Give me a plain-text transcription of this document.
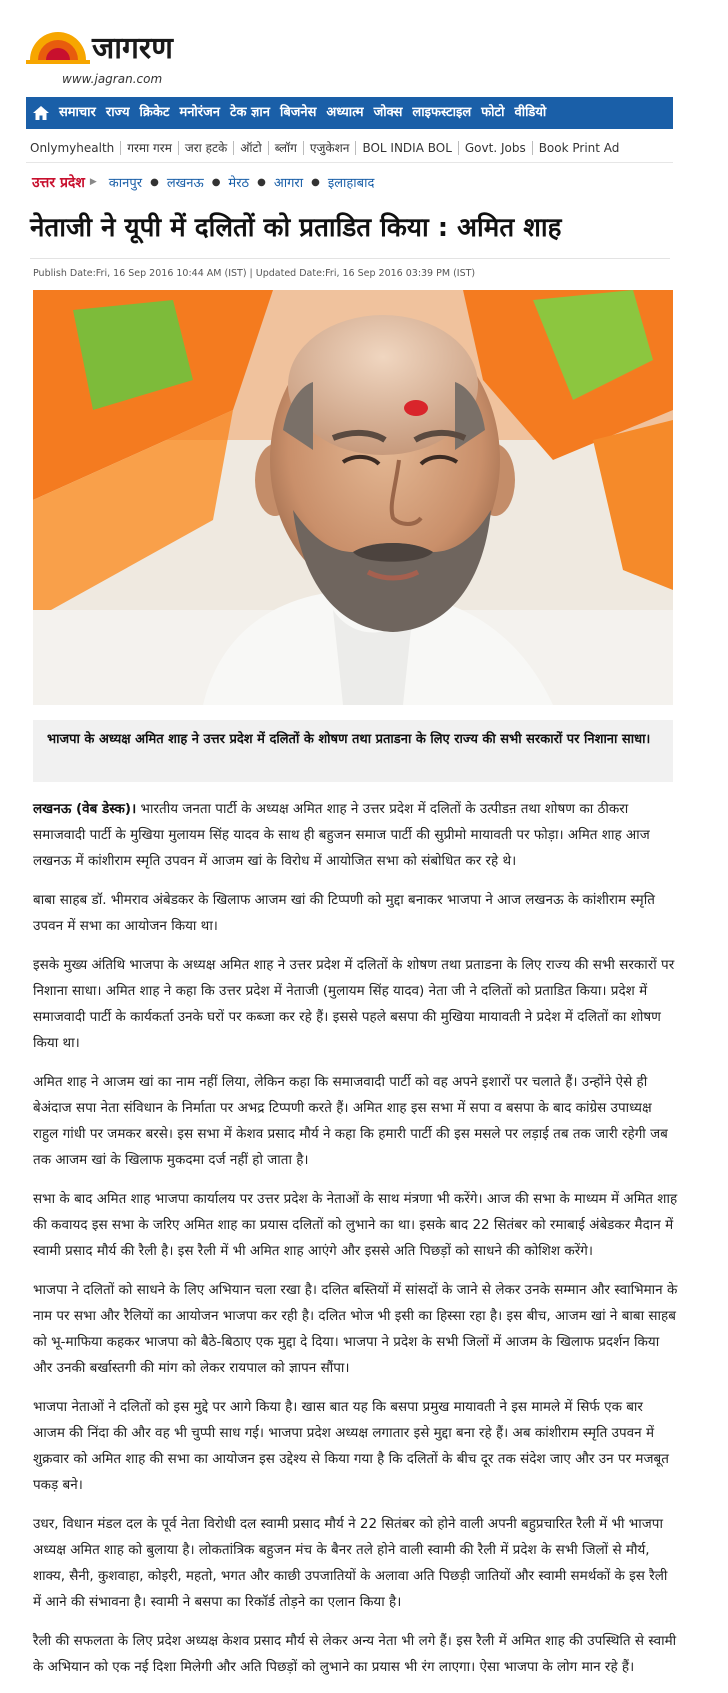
जागरण
www.jagran.com
समाचार राज्य क्रिकेट मनोरंजन टेक ज्ञान बिजनेस अध्यात्म जोक्स लाइफस्टाइल फोटो वीडियो
Onlymyhealth	गरमा गरम	जरा हटके	ऑटो	ब्लॉग	एजुकेशन	BOL INDIA BOL	Govt. Jobs	Book Print Ad
उत्तर प्रदेश ▶ कानपुर ● लखनऊ ● मेरठ ● आगरा ● इलाहाबाद
नेताजी ने यूपी में दलितों को प्रताडित किया : अमित शाह
Publish Date:Fri, 16 Sep 2016 10:44 AM (IST) | Updated Date:Fri, 16 Sep 2016 03:39 PM (IST)
भाजपा के अध्यक्ष अमित शाह ने उत्तर प्रदेश में दलितों के शोषण तथा प्रताडना के लिए राज्य की सभी सरकारों पर निशाना साधा।

लखनऊ (वेब डेस्क)। भारतीय जनता पार्टी के अध्यक्ष अमित शाह ने उत्तर प्रदेश में दलितों के उत्पीडऩ तथा शोषण का ठीकरा समाजवादी पार्टी के मुखिया मुलायम सिंह यादव के साथ ही बहुजन समाज पार्टी की सुप्रीमो मायावती पर फोड़ा। अमित शाह आज लखनऊ में कांशीराम स्मृति उपवन में आजम खां के विरोध में आयोजित सभा को संबोधित कर रहे थे।

बाबा साहब डॉ. भीमराव अंबेडकर के खिलाफ आजम खां की टिप्पणी को मुद्दा बनाकर भाजपा ने आज लखनऊ के कांशीराम स्मृति उपवन में सभा का आयोजन किया था।

इसके मुख्य अंतिथि भाजपा के अध्यक्ष अमित शाह ने उत्तर प्रदेश में दलितों के शोषण तथा प्रताडना के लिए राज्य की सभी सरकारों पर निशाना साधा। अमित शाह ने कहा कि उत्तर प्रदेश में नेताजी (मुलायम सिंह यादव) नेता जी ने दलितों को प्रताडित किया। प्रदेश में समाजवादी पार्टी के कार्यकर्ता उनके घरों पर कब्जा कर रहे हैं। इससे पहले बसपा की मुखिया मायावती ने प्रदेश में दलितों का शोषण किया था।

अमित शाह ने आजम खां का नाम नहीं लिया, लेकिन कहा कि समाजवादी पार्टी को वह अपने इशारों पर चलाते हैं। उन्होंने ऐसे ही बेअंदाज सपा नेता संविधान के निर्माता पर अभद्र टिप्पणी करते हैं। अमित शाह इस सभा में सपा व बसपा के बाद कांग्रेस उपाध्यक्ष राहुल गांधी पर जमकर बरसे। इस सभा में केशव प्रसाद मौर्य ने कहा कि हमारी पार्टी की इस मसले पर लड़ाई तब तक जारी रहेगी जब तक आजम खां के खिलाफ मुकदमा दर्ज नहीं हो जाता है।

सभा के बाद अमित शाह भाजपा कार्यालय पर उत्तर प्रदेश के नेताओं के साथ मंत्रणा भी करेंगे। आज की सभा के माध्यम में अमित शाह की कवायद इस सभा के जरिए अमित शाह का प्रयास दलितों को लुभाने का था। इसके बाद 22 सितंबर को रमाबाई अंबेडकर मैदान में स्वामी प्रसाद मौर्य की रैली है। इस रैली में भी अमित शाह आएंगे और इससे अति पिछड़ों को साधने की कोशिश करेंगे।

भाजपा ने दलितों को साधने के लिए अभियान चला रखा है। दलित बस्तियों में सांसदों के जाने से लेकर उनके सम्मान और स्वाभिमान के नाम पर सभा और रैलियों का आयोजन भाजपा कर रही है। दलित भोज भी इसी का हिस्सा रहा है। इस बीच, आजम खां ने बाबा साहब को भू-माफिया कहकर भाजपा को बैठे-बिठाए एक मुद्दा दे दिया। भाजपा ने प्रदेश के सभी जिलों में आजम के खिलाफ प्रदर्शन किया और उनकी बर्खास्तगी की मांग को लेकर रायपाल को ज्ञापन सौंपा।

भाजपा नेताओं ने दलितों को इस मुद्दे पर आगे किया है। खास बात यह कि बसपा प्रमुख मायावती ने इस मामले में सिर्फ एक बार आजम की निंदा की और वह भी चुप्पी साध गई। भाजपा प्रदेश अध्यक्ष लगातार इसे मुद्दा बना रहे हैं। अब कांशीराम स्मृति उपवन में शुक्रवार को अमित शाह की सभा का आयोजन इस उद्देश्य से किया गया है कि दलितों के बीच दूर तक संदेश जाए और उन पर मजबूत पकड़ बने।

उधर, विधान मंडल दल के पूर्व नेता विरोधी दल स्वामी प्रसाद मौर्य ने 22 सितंबर को होने वाली अपनी बहुप्रचारित रैली में भी भाजपा अध्यक्ष अमित शाह को बुलाया है। लोकतांत्रिक बहुजन मंच के बैनर तले होने वाली स्वामी की रैली में प्रदेश के सभी जिलों से मौर्य, शाक्य, सैनी, कुशवाहा, कोइरी, महतो, भगत और काछी उपजातियों के अलावा अति पिछड़ी जातियों और स्वामी समर्थकों के इस रैली में आने की संभावना है। स्वामी ने बसपा का रिकॉर्ड तोड़ने का एलान किया है।

रैली की सफलता के लिए प्रदेश अध्यक्ष केशव प्रसाद मौर्य से लेकर अन्य नेता भी लगे हैं। इस रैली में अमित शाह की उपस्थिति से स्वामी के अभियान को एक नई दिशा मिलेगी और अति पिछड़ों को लुभाने का प्रयास भी रंग लाएगा। ऐसा भाजपा के लोग मान रहे हैं।
